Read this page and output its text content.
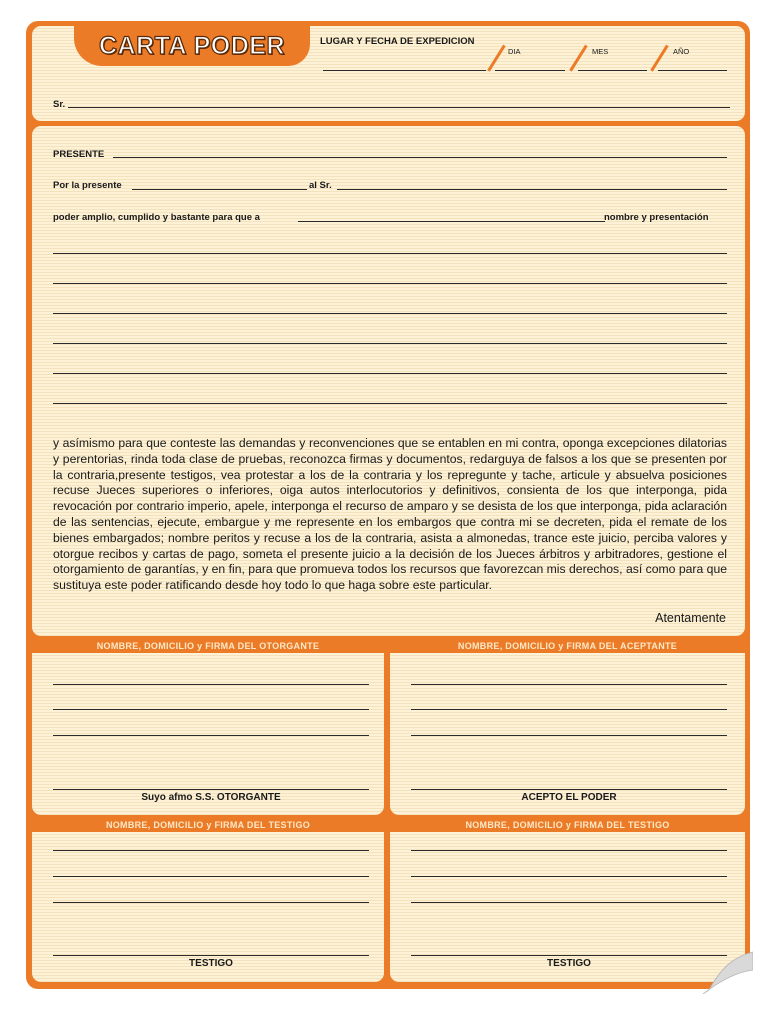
CARTA PODER	LUGAR Y FECHA DE EXPEDICION
DIA	MES	AÑO
Sr.
PRESENTE
Por la presente	al Sr.
poder amplio, cumplido y bastante para que a	nombre y presentación

y asímismo para que conteste las demandas y reconvenciones que se entablen en mi contra, oponga excepciones dilatorias y perentorias, rinda toda clase de pruebas, reconozca firmas y documentos, redarguya de falsos a los que se presenten por la contraria,presente testigos, vea protestar a los de la contraria y los repregunte y tache, articule y absuelva posiciones recuse Jueces superiores o inferiores, oiga autos interlocutorios y definitivos, consienta de los que interponga, pida revocación por contrario imperio, apele, interponga el recurso de amparo y se desista de los que interponga, pida aclaración de las sentencias, ejecute, embargue y me represente en los embargos que contra mi se decreten, pida el remate de los bienes embargados; nombre peritos y recuse a los de la contraria, asista a almonedas, trance este juicio, perciba valores y otorgue recibos y cartas de pago, someta el presente juicio a la decisión de los Jueces árbitros y arbitradores, gestione el otorgamiento de garantías, y en fin, para que promueva todos los recursos que favorezcan mis derechos, así como para que sustituya este poder ratificando desde hoy todo lo que haga sobre este particular.

Atentamente
NOMBRE, DOMICILIO y FIRMA DEL OTORGANTE	NOMBRE, DOMICILIO y FIRMA DEL ACEPTANTE
Suyo afmo S.S. OTORGANTE	ACEPTO EL PODER
NOMBRE, DOMICILIO y FIRMA DEL TESTIGO	NOMBRE, DOMICILIO y FIRMA DEL TESTIGO
TESTIGO	TESTIGO
